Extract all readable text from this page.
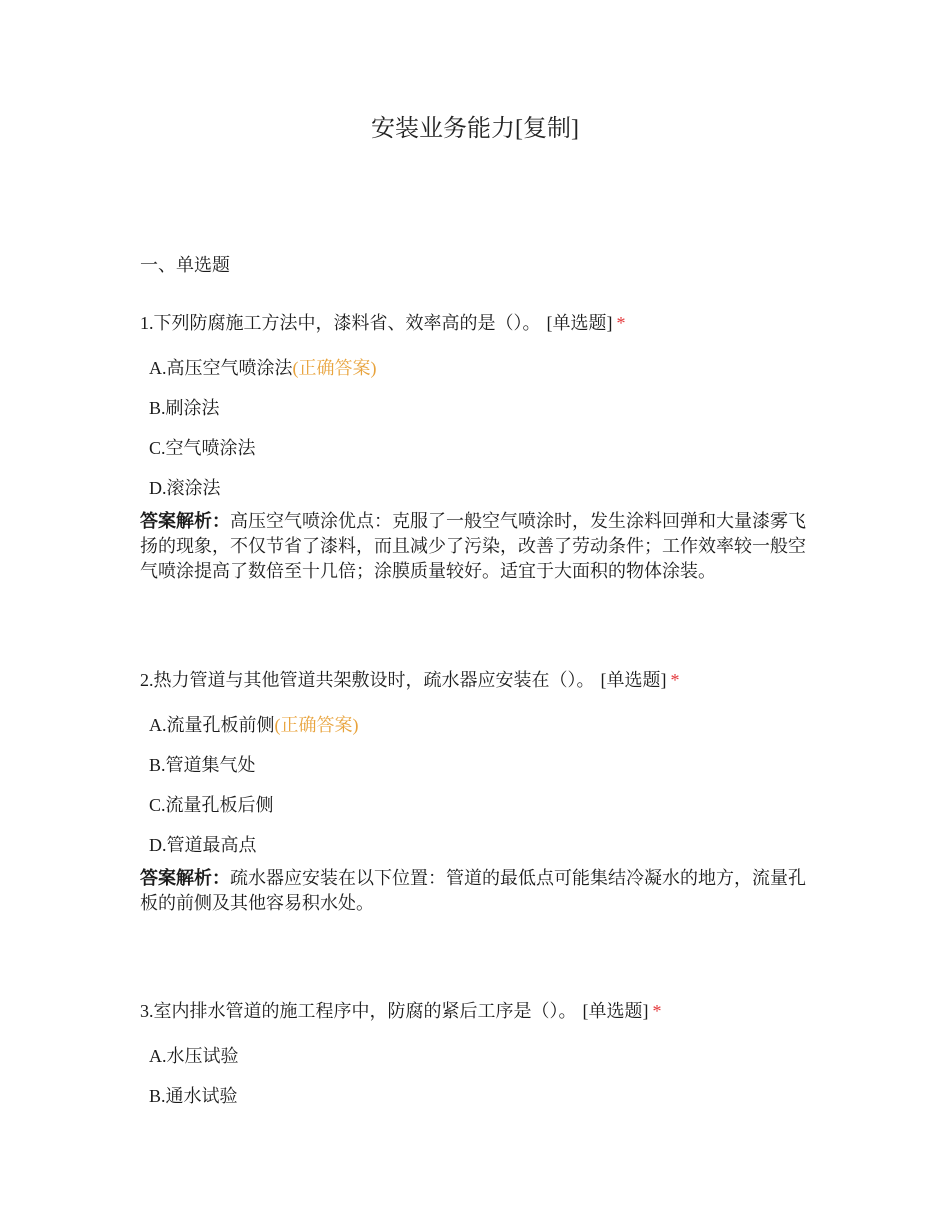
安装业务能力[复制]
一、单选题

1.下列防腐施工方法中，漆料省、效率高的是（）。 [单选题] *

A.高压空气喷涂法(正确答案)
B.刷涂法
C.空气喷涂法
D.滚涂法
答案解析：高压空气喷涂优点：克服了一般空气喷涂时，发生涂料回弹和大量漆雾飞扬的现象，不仅节省了漆料，而且减少了污染，改善了劳动条件；工作效率较一般空气喷涂提高了数倍至十几倍；涂膜质量较好。适宜于大面积的物体涂装。

2.热力管道与其他管道共架敷设时，疏水器应安装在（）。 [单选题] *

A.流量孔板前侧(正确答案)
B.管道集气处
C.流量孔板后侧
D.管道最高点
答案解析：疏水器应安装在以下位置：管道的最低点可能集结冷凝水的地方，流量孔板的前侧及其他容易积水处。

3.室内排水管道的施工程序中，防腐的紧后工序是（）。 [单选题] *

A.水压试验
B.通水试验
